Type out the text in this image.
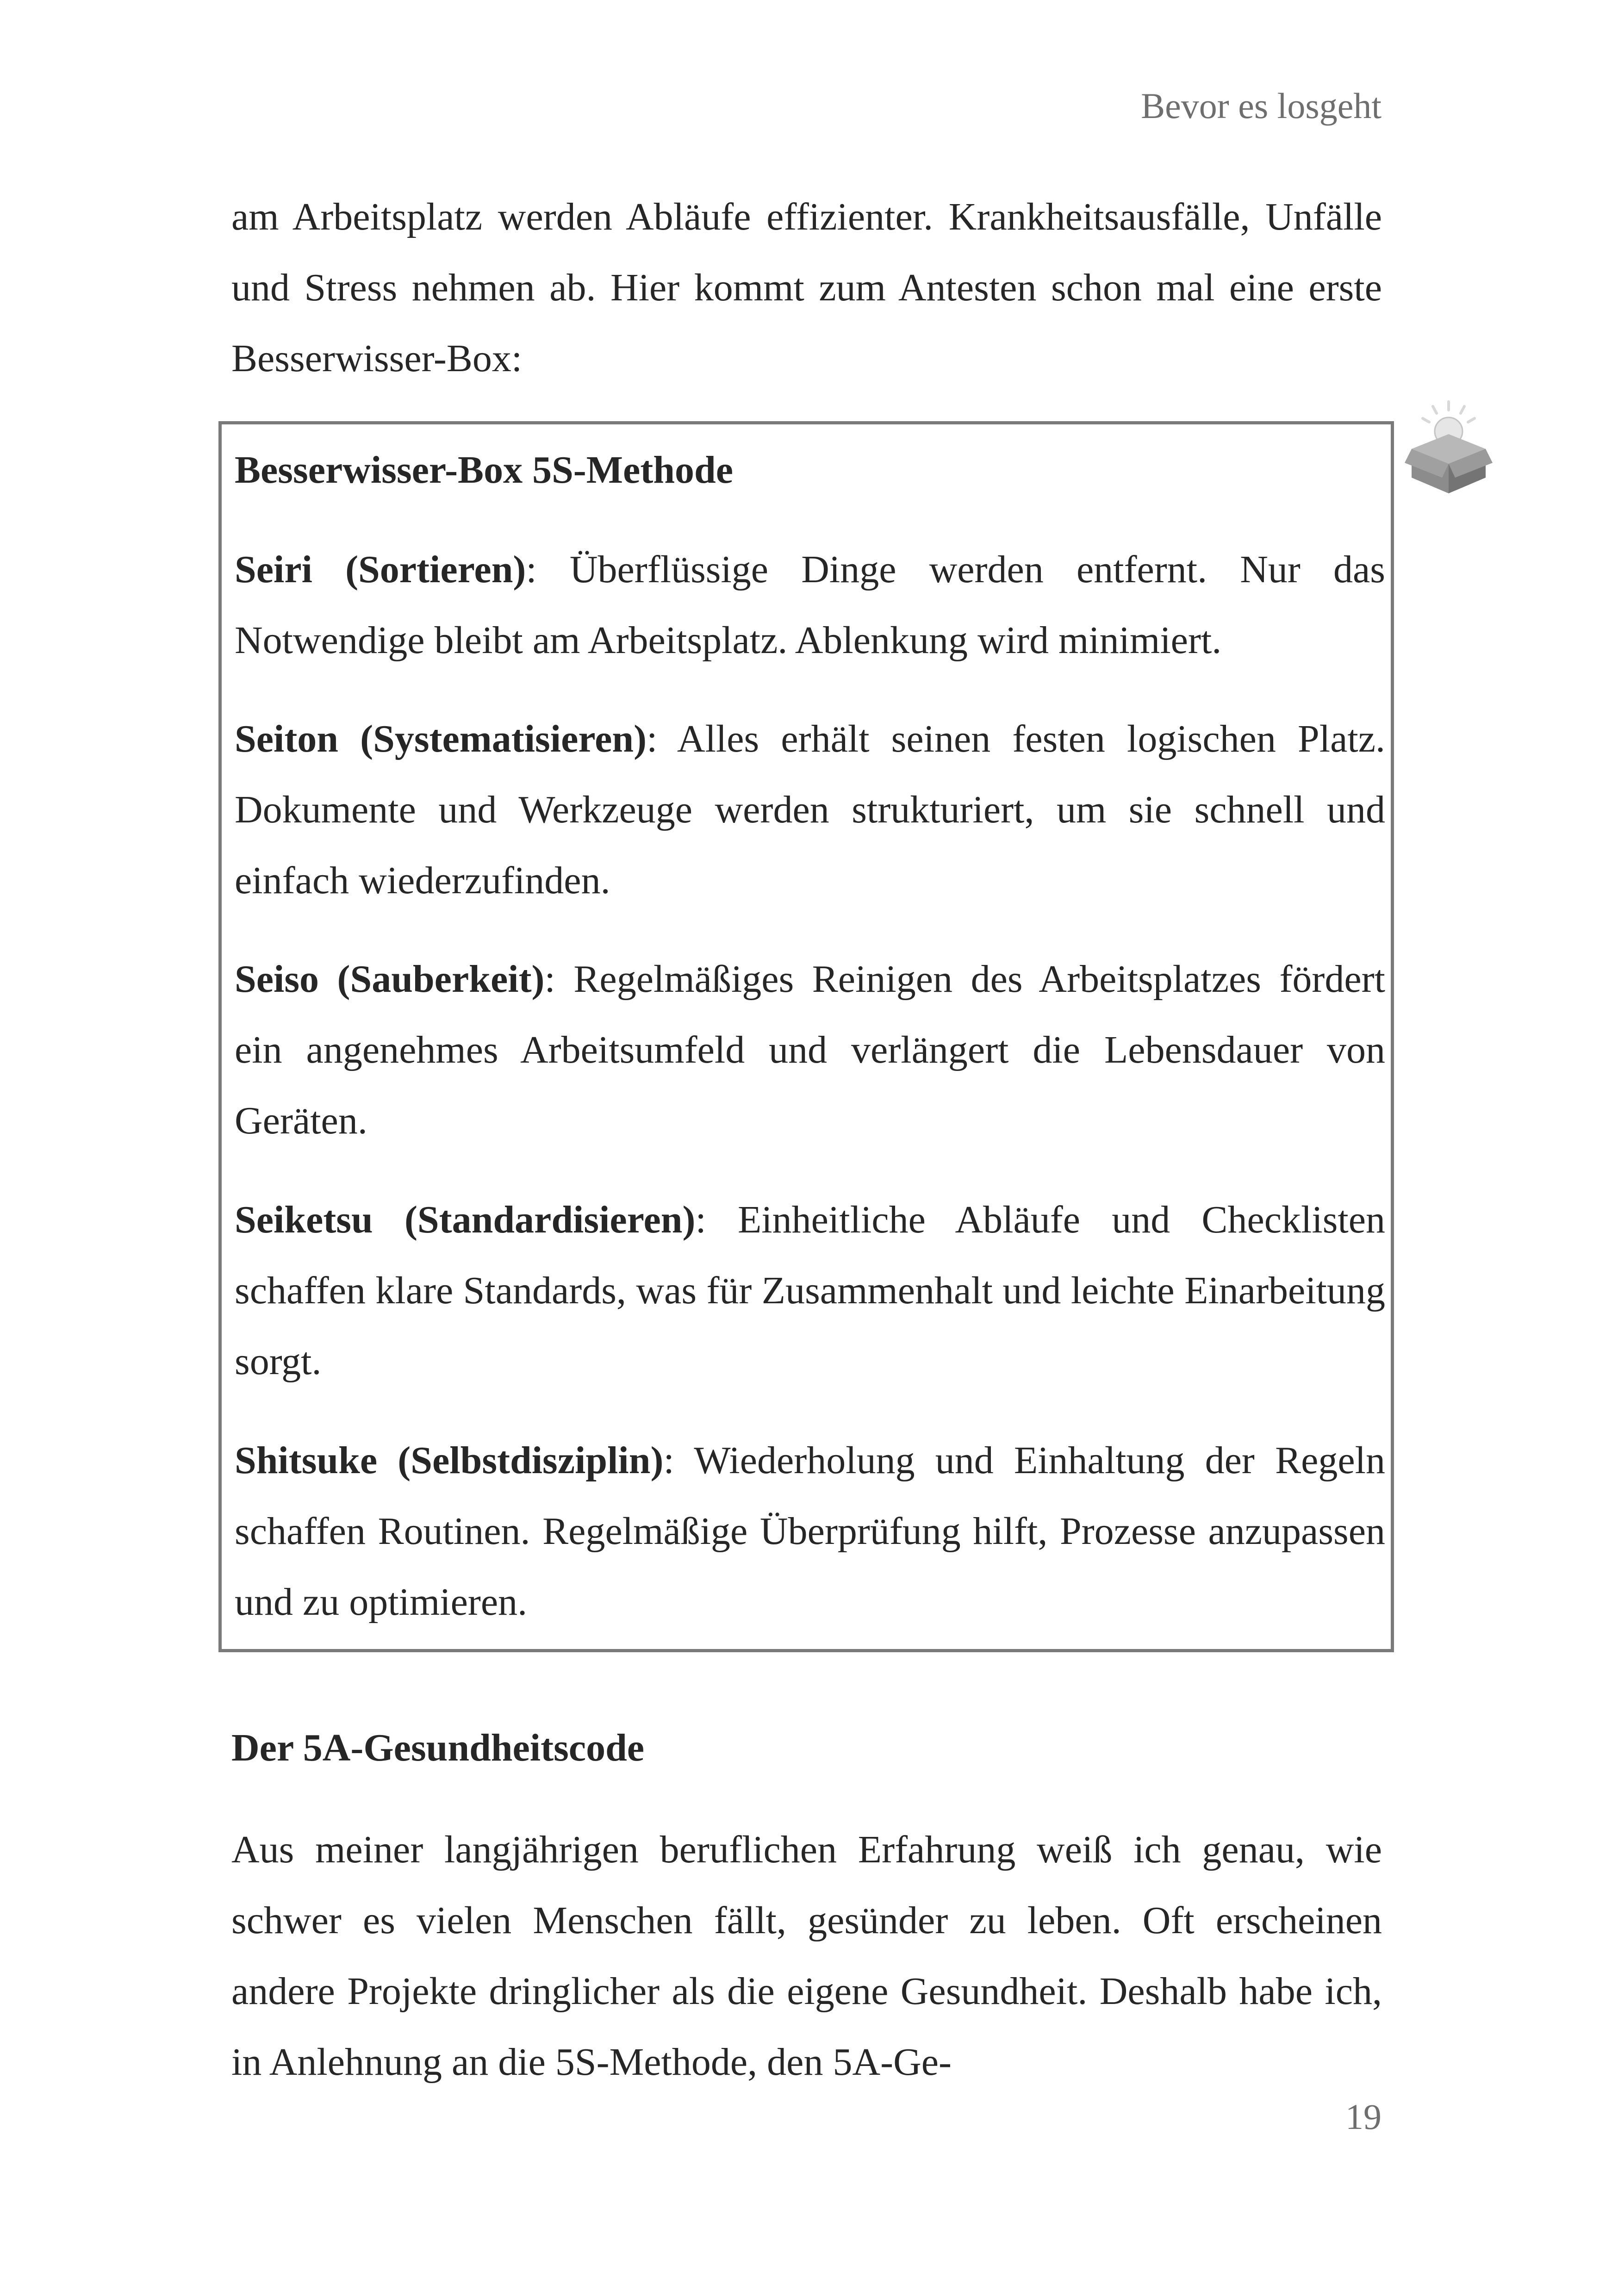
Bevor es losgeht

am Arbeitsplatz werden Abläufe effizienter. Krankheitsausfälle, Unfälle und Stress nehmen ab. Hier kommt zum Antesten schon mal eine erste Besserwisser-Box:

Besserwisser-Box 5S-Methode
Seiri (Sortieren): Überflüssige Dinge werden entfernt. Nur das Notwendige bleibt am Arbeitsplatz. Ablenkung wird minimiert.
Seiton (Systematisieren): Alles erhält seinen festen logischen Platz. Dokumente und Werkzeuge werden strukturiert, um sie schnell und einfach wiederzufinden.
Seiso (Sauberkeit): Regelmäßiges Reinigen des Arbeitsplatzes fördert ein angenehmes Arbeitsumfeld und verlängert die Lebensdauer von Geräten.
Seiketsu (Standardisieren): Einheitliche Abläufe und Checklisten schaffen klare Standards, was für Zusammenhalt und leichte Einarbeitung sorgt.
Shitsuke (Selbstdisziplin): Wiederholung und Einhaltung der Regeln schaffen Routinen. Regelmäßige Überprüfung hilft, Prozesse anzupassen und zu optimieren.
Der 5A-Gesundheitscode

Aus meiner langjährigen beruflichen Erfahrung weiß ich genau, wie schwer es vielen Menschen fällt, gesünder zu leben. Oft erscheinen andere Projekte dringlicher als die eigene Gesundheit. Deshalb habe ich, in Anlehnung an die 5S-Methode, den 5A-Ge-

19
